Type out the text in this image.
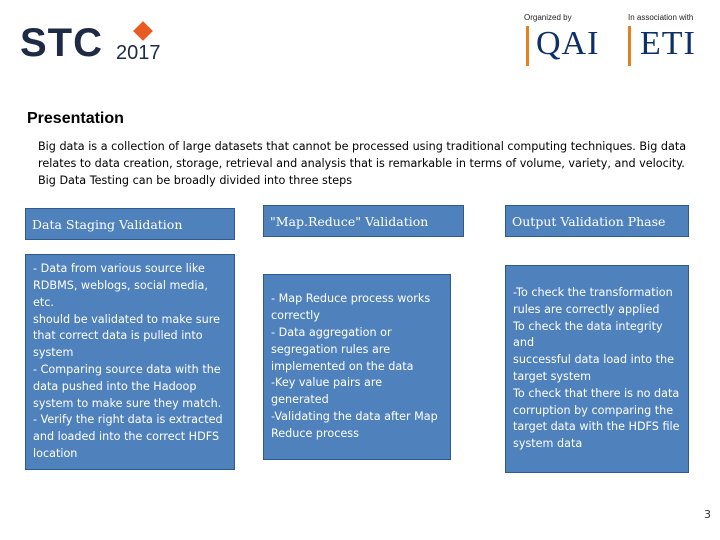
STC 2017
Organized by
QAI
In association with
ETI
Presentation
Big data is a collection of large datasets that cannot be processed using traditional computing techniques. Big data relates to data creation, storage, retrieval and analysis that is remarkable in terms of volume, variety, and velocity. Big Data Testing can be broadly divided into three steps
Data Staging Validation
- Data from various source like
RDBMS, weblogs, social media, etc.
should be validated to make sure
that correct data is pulled into
system
- Comparing source data with the
data pushed into the Hadoop
system to make sure they match.
- Verify the right data is extracted
and loaded into the correct HDFS
location
"Map.Reduce" Validation
- Map Reduce process works
correctly
- Data aggregation or
segregation rules are
implemented on the data
-Key value pairs are generated
-Validating the data after Map
Reduce process
Output Validation Phase
-To check the transformation
rules are correctly applied
To check the data integrity and
successful data load into the
target system
To check that there is no data
corruption by comparing the
target data with the HDFS file
system data
3
